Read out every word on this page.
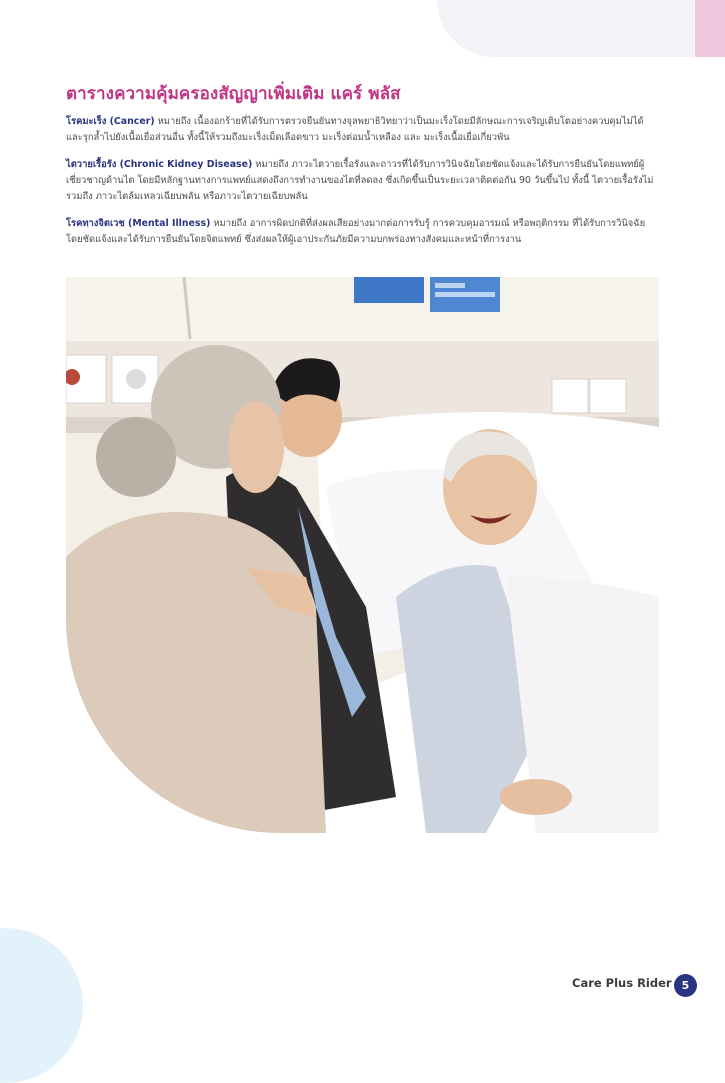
ตารางความคุ้มครองสัญญาเพิ่มเติม แคร์ พลัส

โรคมะเร็ง (Cancer) หมายถึง เนื้องอกร้ายที่ได้รับการตรวจยืนยันทางจุลพยาธิวิทยาว่าเป็นมะเร็งโดยมีลักษณะการเจริญเติบโตอย่างควบคุมไม่ได้ และรุกล้ำไปยังเนื้อเยื่อส่วนอื่น ทั้งนี้ให้รวมถึงมะเร็งเม็ดเลือดขาว มะเร็งต่อมน้ำเหลือง และ มะเร็งเนื้อเยื่อเกี่ยวพัน

ไตวายเรื้อรัง (Chronic Kidney Disease) หมายถึง ภาวะไตวายเรื้อรังและถาวรที่ได้รับการวินิจฉัยโดยชัดแจ้งและได้รับการยืนยันโดยแพทย์ผู้เชี่ยวชาญด้านไต โดยมีหลักฐานทางการแพทย์แสดงถึงการทำงานของไตที่ลดลง ซึ่งเกิดขึ้นเป็นระยะเวลาติดต่อกัน 90 วันขึ้นไป ทั้งนี้ ไตวายเรื้อรังไม่รวมถึง ภาวะไตล้มเหลวเฉียบพลัน หรือภาวะไตวายเฉียบพลัน

โรคทางจิตเวช (Mental Illness) หมายถึง อาการผิดปกติที่ส่งผลเสียอย่างมากต่อการรับรู้ การควบคุมอารมณ์ หรือพฤติกรรม ที่ได้รับการวินิจฉัยโดยชัดแจ้งและได้รับการยืนยันโดยจิตแพทย์ ซึ่งส่งผลให้ผู้เอาประกันภัยมีความบกพร่องทางสังคมและหน้าที่การงาน

Care Plus Rider 5
